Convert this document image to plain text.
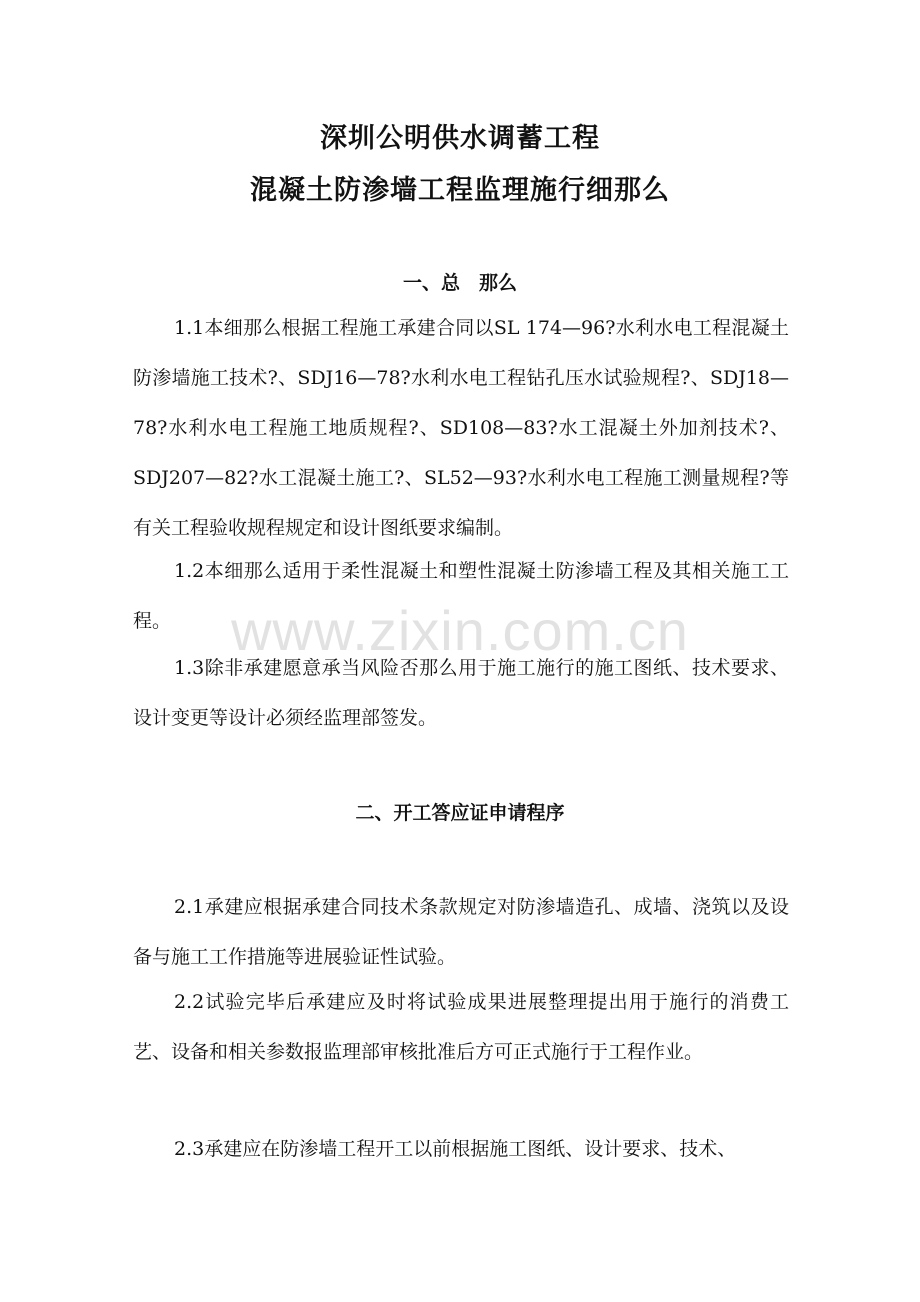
深圳公明供水调蓄工程
混凝土防渗墙工程监理施行细那么
一、总　那么

1.1本细那么根据工程施工承建合同以SL 174—96?水利水电工程混凝土防渗墙施工技术?、SDJ16—78?水利水电工程钻孔压水试验规程?、SDJ18—78?水利水电工程施工地质规程?、SD108—83?水工混凝土外加剂技术?、SDJ207—82?水工混凝土施工?、SL52—93?水利水电工程施工测量规程?等有关工程验收规程规定和设计图纸要求编制。

1.2本细那么适用于柔性混凝土和塑性混凝土防渗墙工程及其相关施工工程。

1.3除非承建愿意承当风险否那么用于施工施行的施工图纸、技术要求、设计变更等设计必须经监理部签发。

二、开工答应证申请程序

2.1承建应根据承建合同技术条款规定对防渗墙造孔、成墙、浇筑以及设备与施工工作措施等进展验证性试验。

2.2试验完毕后承建应及时将试验成果进展整理提出用于施行的消费工艺、设备和相关参数报监理部审核批准后方可正式施行于工程作业。

2.3承建应在防渗墙工程开工以前根据施工图纸、设计要求、技术、

www.zixin.com.cn
